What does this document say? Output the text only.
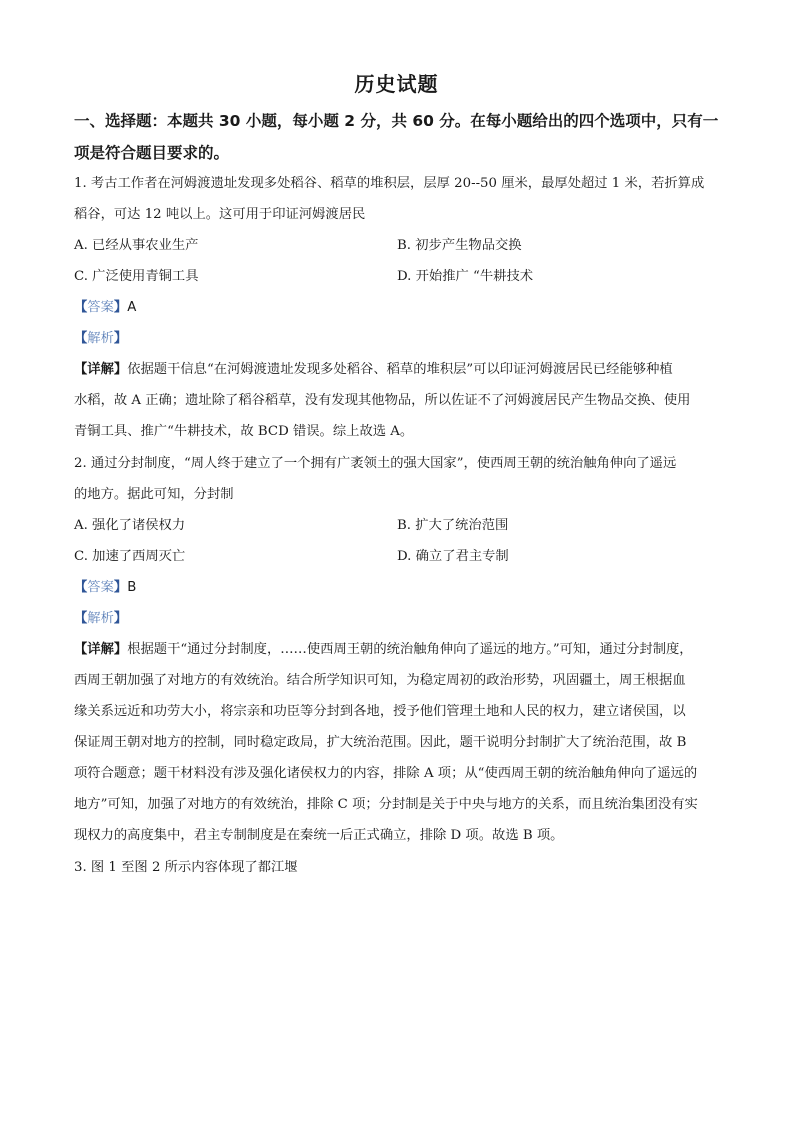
历史试题
一、选择题：本题共 30 小题，每小题 2 分，共 60 分。在每小题给出的四个选项中，只有一
项是符合题目要求的。
1. 考古工作者在河姆渡遗址发现多处稻谷、稻草的堆积层，层厚 20--50 厘米，最厚处超过 1 米，若折算成
稻谷，可达 12 吨以上。这可用于印证河姆渡居民
A. 已经从事农业生产	B. 初步产生物品交换
C. 广泛使用青铜工具	D. 开始推广 “牛耕技术
【答案】A
【解析】
【详解】依据题干信息“在河姆渡遗址发现多处稻谷、稻草的堆积层”可以印证河姆渡居民已经能够种植
水稻，故 A 正确；遗址除了稻谷稻草，没有发现其他物品，所以佐证不了河姆渡居民产生物品交换、使用
青铜工具、推广“牛耕技术，故 BCD 错误。综上故选 A。
2. 通过分封制度，“周人终于建立了一个拥有广袤领土的强大国家”，使西周王朝的统治触角伸向了遥远
的地方。据此可知，分封制
A. 强化了诸侯权力	B. 扩大了统治范围
C. 加速了西周灭亡	D. 确立了君主专制
【答案】B
【解析】
【详解】根据题干“通过分封制度，……使西周王朝的统治触角伸向了遥远的地方。”可知，通过分封制度，
西周王朝加强了对地方的有效统治。结合所学知识可知，为稳定周初的政治形势，巩固疆土，周王根据血
缘关系远近和功劳大小，将宗亲和功臣等分封到各地，授予他们管理土地和人民的权力，建立诸侯国，以
保证周王朝对地方的控制，同时稳定政局，扩大统治范围。因此，题干说明分封制扩大了统治范围，故 B
项符合题意；题干材料没有涉及强化诸侯权力的内容，排除 A 项；从“使西周王朝的统治触角伸向了遥远的
地方”可知，加强了对地方的有效统治，排除 C 项；分封制是关于中央与地方的关系，而且统治集团没有实
现权力的高度集中，君主专制制度是在秦统一后正式确立，排除 D 项。故选 B 项。
3. 图 1 至图 2 所示内容体现了都江堰
